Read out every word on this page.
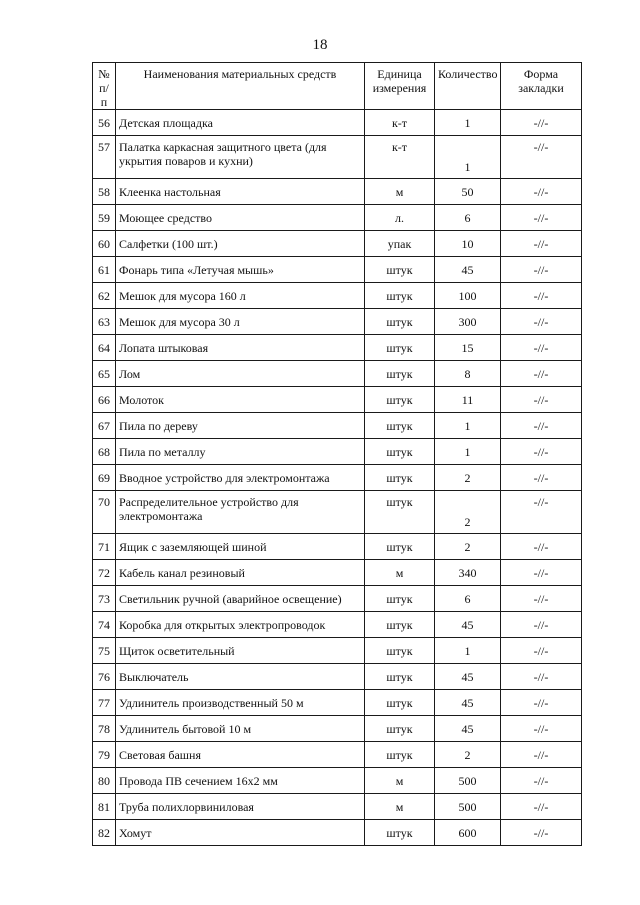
18
№ п/п	Наименования материальных средств	Единица измерения	Количество	Форма закладки
56	Детская площадка	к-т	1	-//-
57	Палатка каркасная защитного цвета (для укрытия поваров и кухни)	к-т	1	-//-
58	Клеенка настольная	м	50	-//-
59	Моющее средство	л.	6	-//-
60	Салфетки (100 шт.)	упак	10	-//-
61	Фонарь типа «Летучая мышь»	штук	45	-//-
62	Мешок для мусора 160 л	штук	100	-//-
63	Мешок для мусора 30 л	штук	300	-//-
64	Лопата штыковая	штук	15	-//-
65	Лом	штук	8	-//-
66	Молоток	штук	11	-//-
67	Пила по дереву	штук	1	-//-
68	Пила по металлу	штук	1	-//-
69	Вводное устройство для электромонтажа	штук	2	-//-
70	Распределительное устройство для электромонтажа	штук	2	-//-
71	Ящик с заземляющей шиной	штук	2	-//-
72	Кабель канал резиновый	м	340	-//-
73	Светильник ручной (аварийное освещение)	штук	6	-//-
74	Коробка для открытых электропроводок	штук	45	-//-
75	Щиток осветительный	штук	1	-//-
76	Выключатель	штук	45	-//-
77	Удлинитель производственный 50 м	штук	45	-//-
78	Удлинитель бытовой 10 м	штук	45	-//-
79	Световая башня	штук	2	-//-
80	Провода ПВ сечением 16х2 мм	м	500	-//-
81	Труба полихлорвиниловая	м	500	-//-
82	Хомут	штук	600	-//-
